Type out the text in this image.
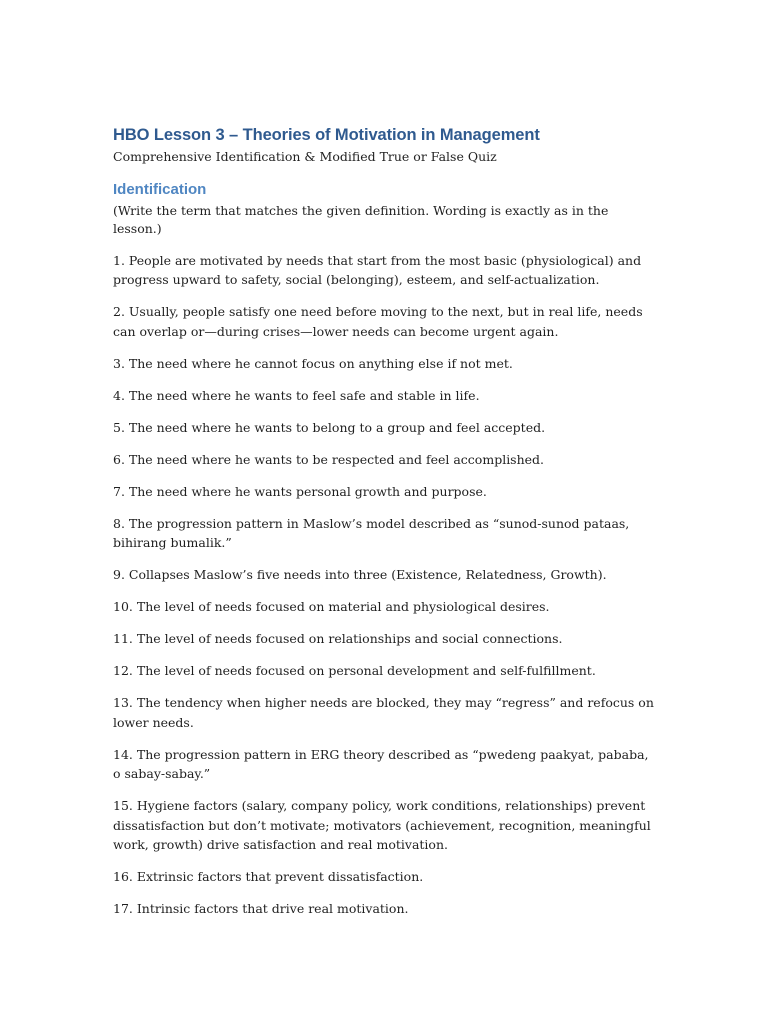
HBO Lesson 3 – Theories of Motivation in Management

Comprehensive Identification & Modified True or False Quiz

Identification

(Write the term that matches the given definition. Wording is exactly as in the lesson.)

1. People are motivated by needs that start from the most basic (physiological) and progress upward to safety, social (belonging), esteem, and self-actualization.
2. Usually, people satisfy one need before moving to the next, but in real life, needs can overlap or—during crises—lower needs can become urgent again.
3. The need where he cannot focus on anything else if not met.
4. The need where he wants to feel safe and stable in life.
5. The need where he wants to belong to a group and feel accepted.
6. The need where he wants to be respected and feel accomplished.
7. The need where he wants personal growth and purpose.
8. The progression pattern in Maslow’s model described as “sunod-sunod pataas, bihirang bumalik.”
9. Collapses Maslow’s five needs into three (Existence, Relatedness, Growth).
10. The level of needs focused on material and physiological desires.
11. The level of needs focused on relationships and social connections.
12. The level of needs focused on personal development and self-fulfillment.
13. The tendency when higher needs are blocked, they may “regress” and refocus on lower needs.
14. The progression pattern in ERG theory described as “pwedeng paakyat, pababa, o sabay-sabay.”
15. Hygiene factors (salary, company policy, work conditions, relationships) prevent dissatisfaction but don’t motivate; motivators (achievement, recognition, meaningful work, growth) drive satisfaction and real motivation.
16. Extrinsic factors that prevent dissatisfaction.
17. Intrinsic factors that drive real motivation.
